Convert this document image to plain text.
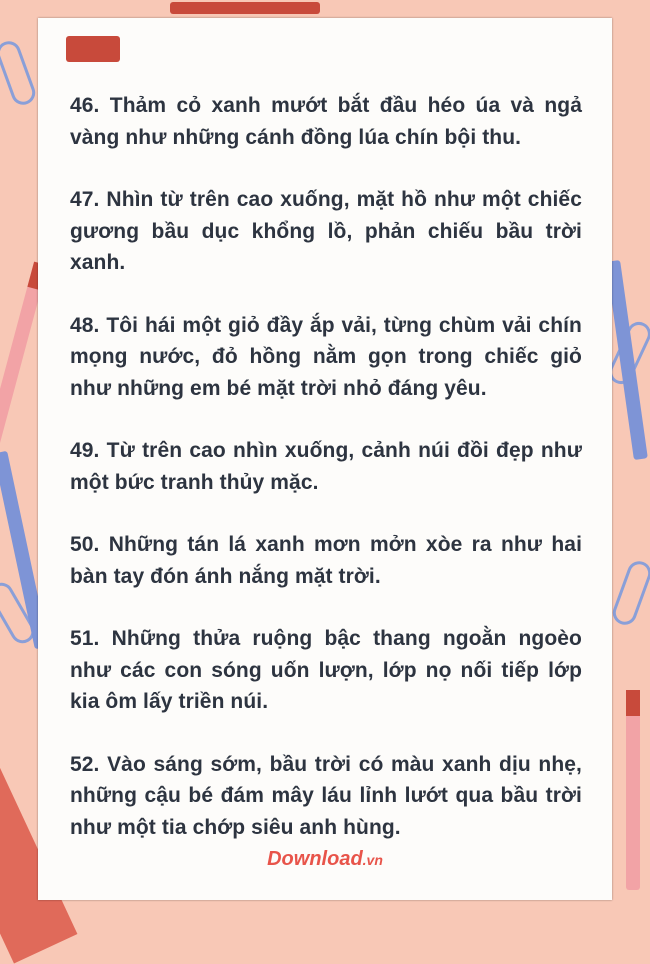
46. Thảm cỏ xanh mướt bắt đầu héo úa và ngả vàng như những cánh đồng lúa chín bội thu.

47. Nhìn từ trên cao xuống, mặt hồ như một chiếc gương bầu dục khổng lồ, phản chiếu bầu trời xanh.

48. Tôi hái một giỏ đầy ắp vải, từng chùm vải chín mọng nước, đỏ hồng nằm gọn trong chiếc giỏ như những em bé mặt trời nhỏ đáng yêu.

49. Từ trên cao nhìn xuống, cảnh núi đồi đẹp như một bức tranh thủy mặc.

50. Những tán lá xanh mơn mởn xòe ra như hai bàn tay đón ánh nắng mặt trời.

51. Những thửa ruộng bậc thang ngoằn ngoèo như các con sóng uốn lượn, lớp nọ nối tiếp lớp kia ôm lấy triền núi.

52. Vào sáng sớm, bầu trời có màu xanh dịu nhẹ, những cậu bé đám mây láu lỉnh lướt qua bầu trời như một tia chớp siêu anh hùng.

Download.vn
